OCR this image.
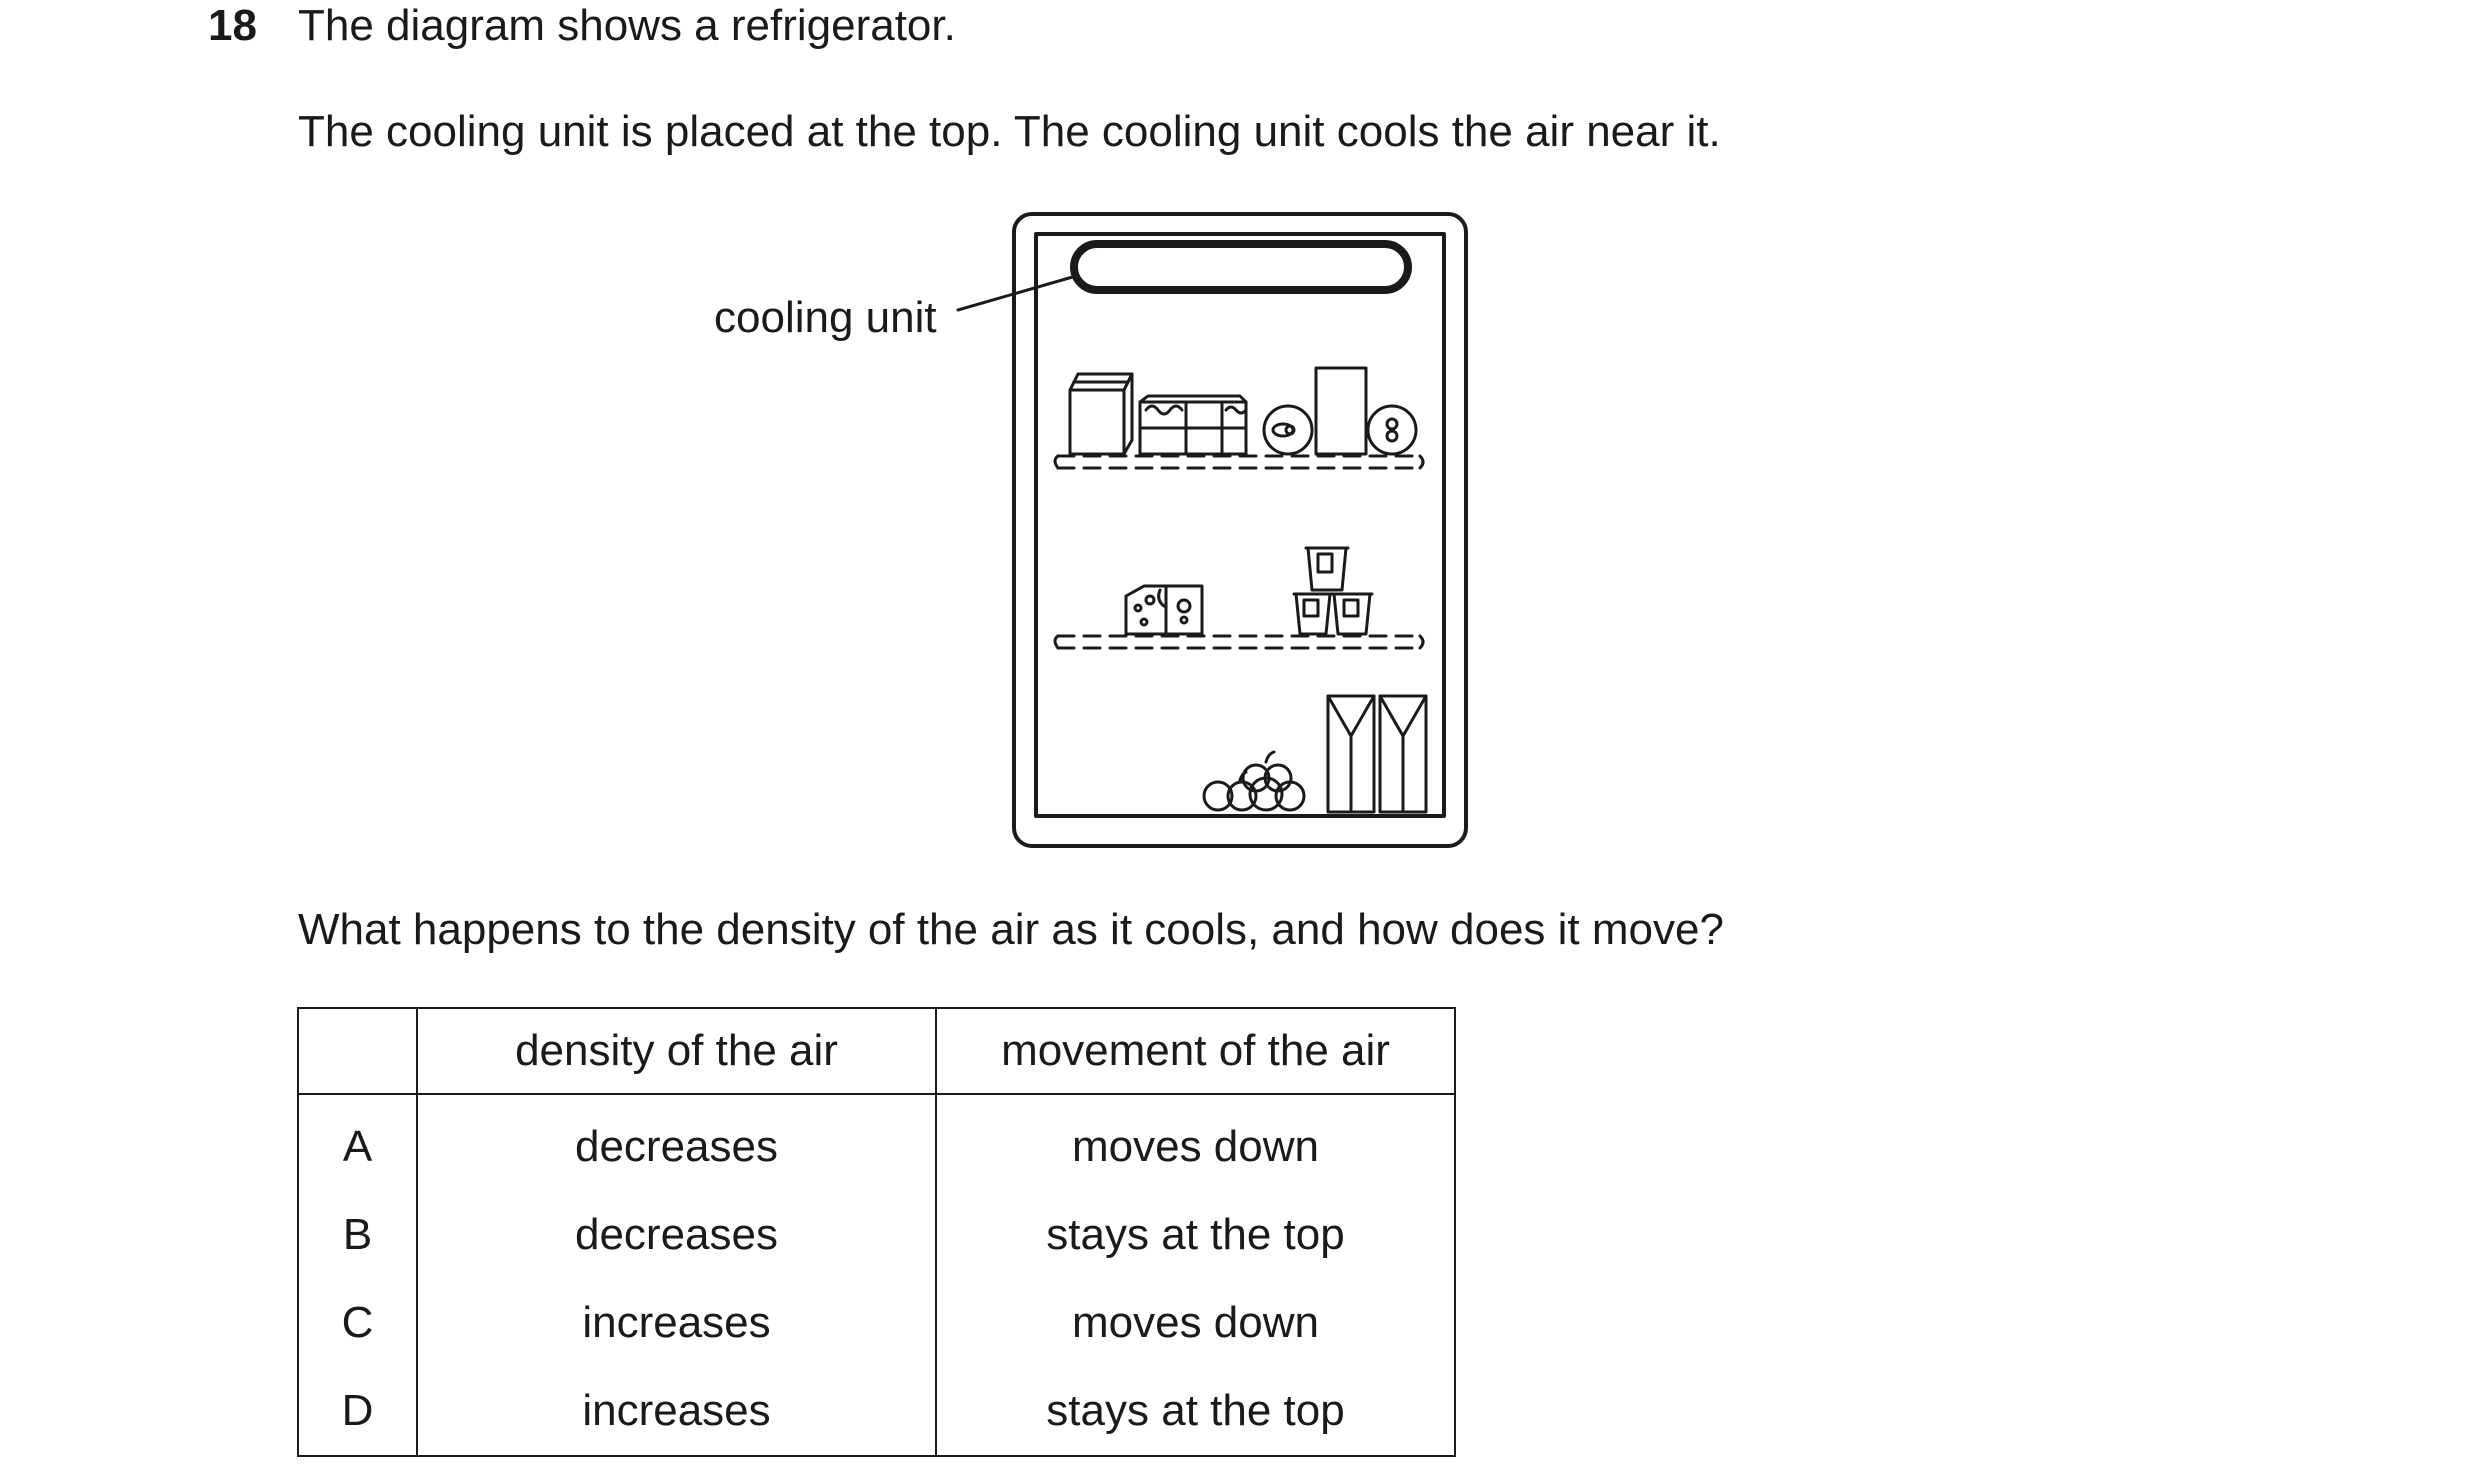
18 The diagram shows a refrigerator.
The cooling unit is placed at the top. The cooling unit cools the air near it.
cooling unit
What happens to the density of the air as it cools, and how does it move?
	density of the air	movement of the air
A	decreases	moves down
B	decreases	stays at the top
C	increases	moves down
D	increases	stays at the top
